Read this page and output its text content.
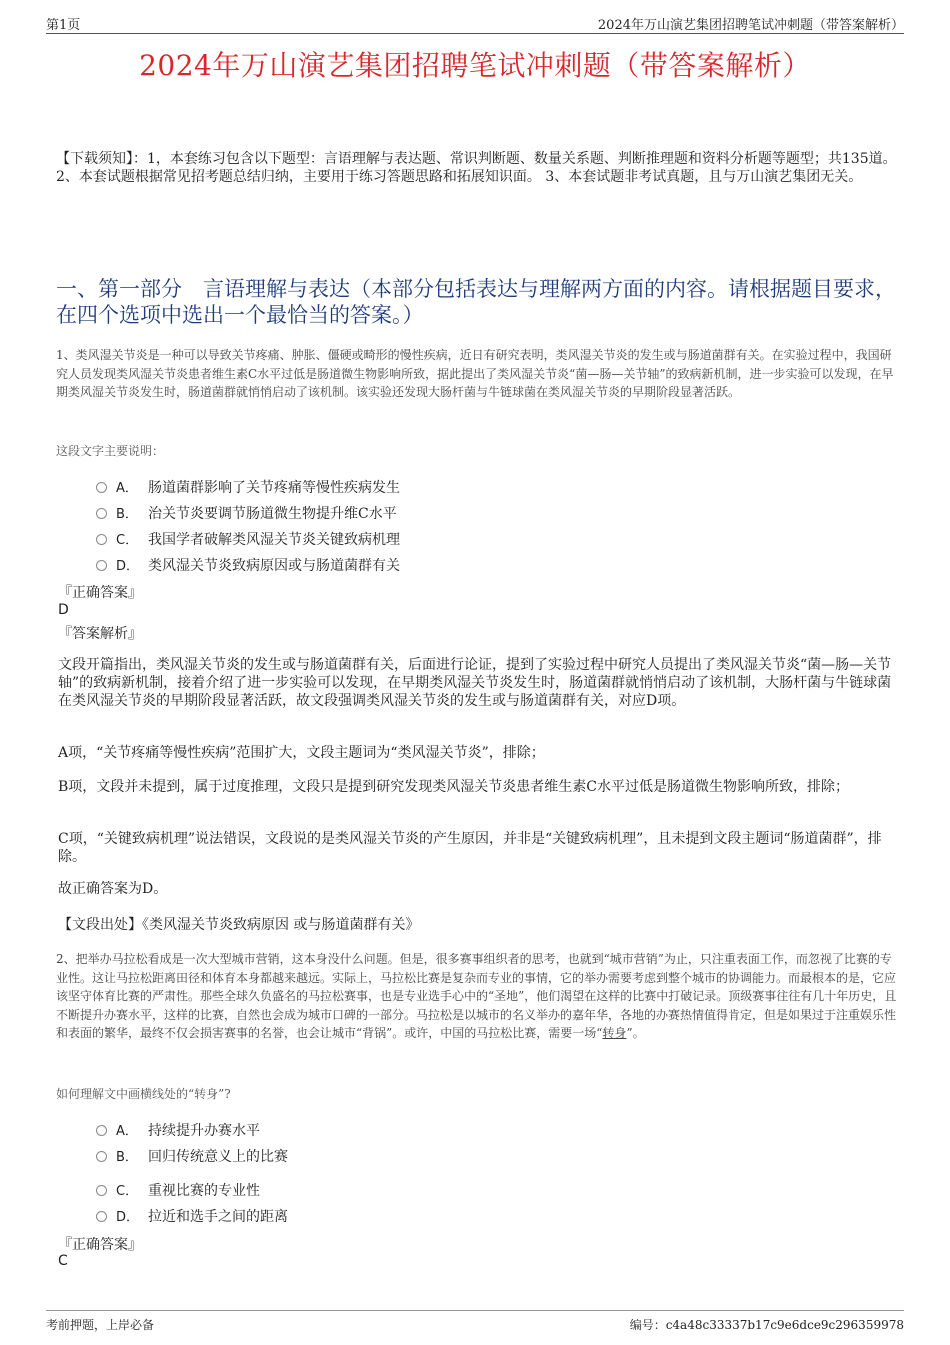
第1页	2024年万山演艺集团招聘笔试冲刺题（带答案解析）
2024年万山演艺集团招聘笔试冲刺题（带答案解析）
【下载须知】：1，本套练习包含以下题型：言语理解与表达题、常识判断题、数量关系题、判断推理题和资料分析题等题型；共135道。 2、本套试题根据常见招考题总结归纳，主要用于练习答题思路和拓展知识面。 3、本套试题非考试真题，且与万山演艺集团无关。
一、第一部分　言语理解与表达（本部分包括表达与理解两方面的内容。请根据题目要求，在四个选项中选出一个最恰当的答案。）
1、类风湿关节炎是一种可以导致关节疼痛、肿胀、僵硬或畸形的慢性疾病，近日有研究表明，类风湿关节炎的发生或与肠道菌群有关。在实验过程中，我国研究人员发现类风湿关节炎患者维生素C水平过低是肠道微生物影响所致，据此提出了类风湿关节炎“菌—肠—关节轴”的致病新机制，进一步实验可以发现，在早期类风湿关节炎发生时，肠道菌群就悄悄启动了该机制。该实验还发现大肠杆菌与牛链球菌在类风湿关节炎的早期阶段显著活跃。
这段文字主要说明：
A． 肠道菌群影响了关节疼痛等慢性疾病发生
B． 治关节炎要调节肠道微生物提升维C水平
C． 我国学者破解类风湿关节炎关键致病机理
D． 类风湿关节炎致病原因或与肠道菌群有关
『正确答案』
D
『答案解析』
文段开篇指出，类风湿关节炎的发生或与肠道菌群有关，后面进行论证，提到了实验过程中研究人员提出了类风湿关节炎“菌—肠—关节轴”的致病新机制，接着介绍了进一步实验可以发现，在早期类风湿关节炎发生时，肠道菌群就悄悄启动了该机制，大肠杆菌与牛链球菌在类风湿关节炎的早期阶段显著活跃，故文段强调类风湿关节炎的发生或与肠道菌群有关，对应D项。
A项，“关节疼痛等慢性疾病”范围扩大，文段主题词为“类风湿关节炎”，排除；
B项，文段并未提到，属于过度推理，文段只是提到研究发现类风湿关节炎患者维生素C水平过低是肠道微生物影响所致，排除；
C项，“关键致病机理”说法错误，文段说的是类风湿关节炎的产生原因，并非是“关键致病机理”，且未提到文段主题词“肠道菌群”，排除。
故正确答案为D。
【文段出处】《类风湿关节炎致病原因 或与肠道菌群有关》
2、把举办马拉松看成是一次大型城市营销，这本身没什么问题。但是，很多赛事组织者的思考，也就到“城市营销”为止，只注重表面工作，而忽视了比赛的专业性。这让马拉松距离田径和体育本身都越来越远。实际上，马拉松比赛是复杂而专业的事情，它的举办需要考虑到整个城市的协调能力。而最根本的是，它应该坚守体育比赛的严肃性。那些全球久负盛名的马拉松赛事，也是专业选手心中的“圣地”，他们渴望在这样的比赛中打破记录。顶级赛事往往有几十年历史，且不断提升办赛水平，这样的比赛，自然也会成为城市口碑的一部分。马拉松是以城市的名义举办的嘉年华，各地的办赛热情值得肯定，但是如果过于注重娱乐性和表面的繁华，最终不仅会损害赛事的名誉，也会让城市“背锅”。或许，中国的马拉松比赛，需要一场“转身”。
如何理解文中画横线处的“转身”?
A． 持续提升办赛水平
B． 回归传统意义上的比赛
C． 重视比赛的专业性
D． 拉近和选手之间的距离
『正确答案』
C
考前押题，上岸必备	编号：c4a48c33337b17c9e6dce9c296359978
